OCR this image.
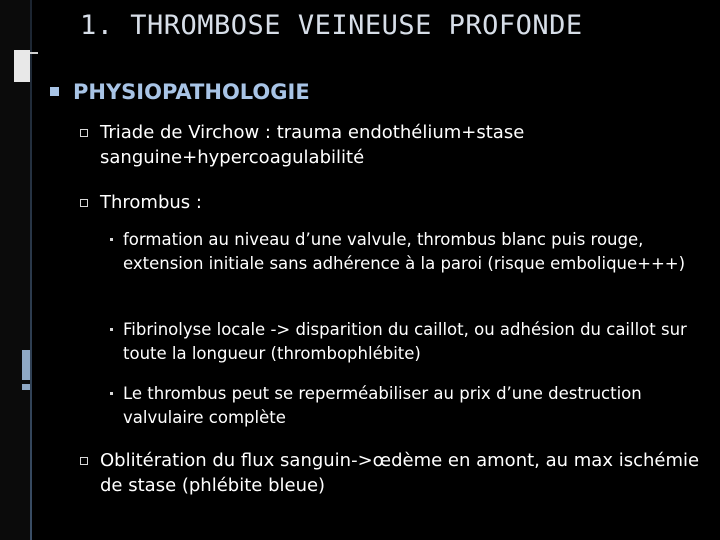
1. THROMBOSE VEINEUSE PROFONDE
PHYSIOPATHOLOGIE
Triade de Virchow : trauma endothélium+stase sanguine+hypercoagulabilité
Thrombus :
formation au niveau d’une valvule, thrombus blanc puis rouge, extension initiale sans adhérence à la paroi (risque embolique+++)
Fibrinolyse locale -> disparition du caillot, ou adhésion du caillot sur toute la longueur (thrombophlébite)
Le thrombus peut se reperméabiliser au prix d’une destruction valvulaire complète
Oblitération du flux sanguin->œdème en amont, au max ischémie de stase (phlébite bleue)
